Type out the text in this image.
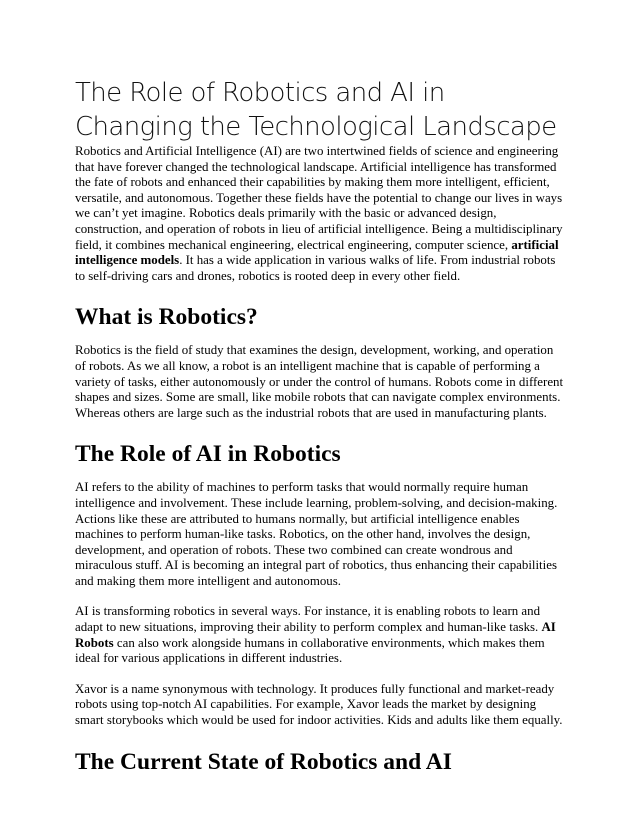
The Role of Robotics and AI in Changing the Technological Landscape

Robotics and Artificial Intelligence (AI) are two intertwined fields of science and engineering that have forever changed the technological landscape. Artificial intelligence has transformed the fate of robots and enhanced their capabilities by making them more intelligent, efficient, versatile, and autonomous. Together these fields have the potential to change our lives in ways we can’t yet imagine. Robotics deals primarily with the basic or advanced design, construction, and operation of robots in lieu of artificial intelligence. Being a multidisciplinary field, it combines mechanical engineering, electrical engineering, computer science, artificial intelligence models. It has a wide application in various walks of life. From industrial robots to self-driving cars and drones, robotics is rooted deep in every other field.

What is Robotics?

Robotics is the field of study that examines the design, development, working, and operation of robots. As we all know, a robot is an intelligent machine that is capable of performing a variety of tasks, either autonomously or under the control of humans. Robots come in different shapes and sizes. Some are small, like mobile robots that can navigate complex environments. Whereas others are large such as the industrial robots that are used in manufacturing plants.

The Role of AI in Robotics

AI refers to the ability of machines to perform tasks that would normally require human intelligence and involvement. These include learning, problem-solving, and decision-making. Actions like these are attributed to humans normally, but artificial intelligence enables machines to perform human-like tasks. Robotics, on the other hand, involves the design, development, and operation of robots. These two combined can create wondrous and miraculous stuff. AI is becoming an integral part of robotics, thus enhancing their capabilities and making them more intelligent and autonomous.

AI is transforming robotics in several ways. For instance, it is enabling robots to learn and adapt to new situations, improving their ability to perform complex and human-like tasks. AI Robots can also work alongside humans in collaborative environments, which makes them ideal for various applications in different industries.

Xavor is a name synonymous with technology. It produces fully functional and market-ready robots using top-notch AI capabilities. For example, Xavor leads the market by designing smart storybooks which would be used for indoor activities. Kids and adults like them equally.

The Current State of Robotics and AI
